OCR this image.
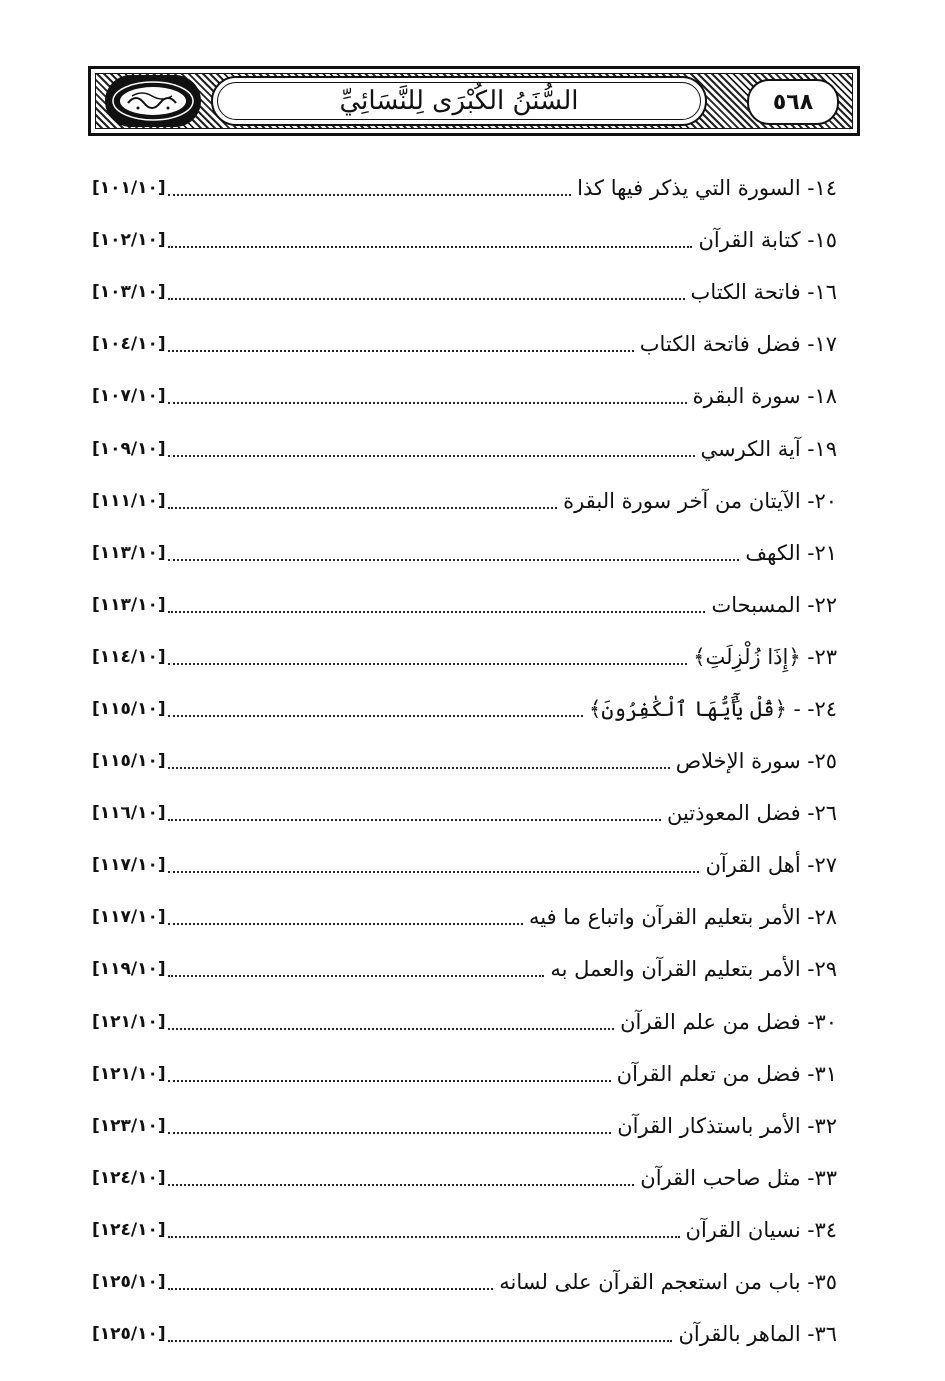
السُّنَنُ الكُبْرَى لِلنَّسَائِيِّ	٥٦٨
١٤- السورة التي يذكر فيها كذا
[١٠١/١٠]
١٥- كتابة القرآن
[١٠٢/١٠]
١٦- فاتحة الكتاب
[١٠٣/١٠]
١٧- فضل فاتحة الكتاب
[١٠٤/١٠]
١٨- سورة البقرة
[١٠٧/١٠]
١٩- آية الكرسي
[١٠٩/١٠]
٢٠- الآيتان من آخر سورة البقرة
[١١١/١٠]
٢١- الكهف
[١١٣/١٠]
٢٢- المسبحات
[١١٣/١٠]
٢٣- ﴿إِذَا زُلْزِلَتِ﴾
[١١٤/١٠]
٢٤- - ﴿قُلْ يَٰٓأَيُّهَا ٱلْكَٰفِرُونَ﴾
[١١٥/١٠]
٢٥- سورة الإخلاص
[١١٥/١٠]
٢٦- فضل المعوذتين
[١١٦/١٠]
٢٧- أهل القرآن
[١١٧/١٠]
٢٨- الأمر بتعليم القرآن واتباع ما فيه
[١١٧/١٠]
٢٩- الأمر بتعليم القرآن والعمل به
[١١٩/١٠]
٣٠- فضل من علم القرآن
[١٢١/١٠]
٣١- فضل من تعلم القرآن
[١٢١/١٠]
٣٢- الأمر باستذكار القرآن
[١٢٣/١٠]
٣٣- مثل صاحب القرآن
[١٢٤/١٠]
٣٤- نسيان القرآن
[١٢٤/١٠]
٣٥- باب من استعجم القرآن على لسانه
[١٢٥/١٠]
٣٦- الماهر بالقرآن
[١٢٥/١٠]
